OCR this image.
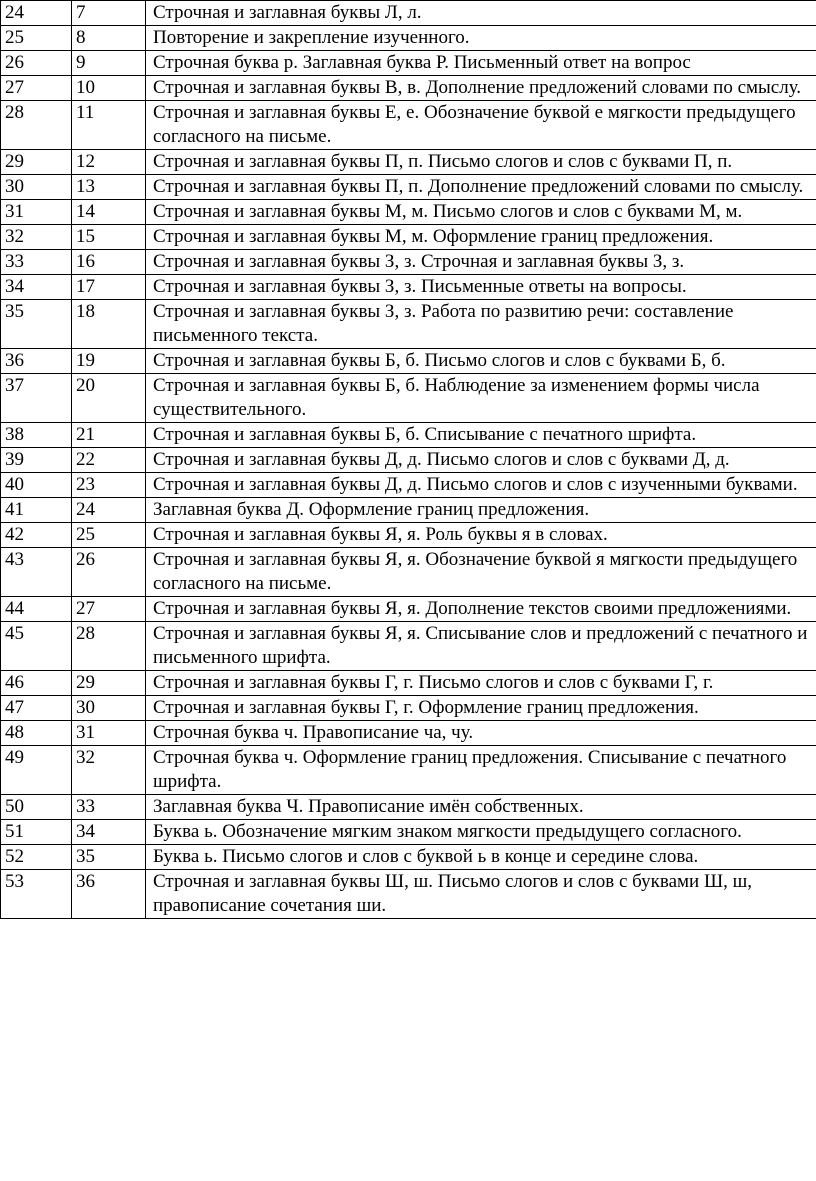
24	7	Строчная и заглавная буквы Л, л.
25	8	Повторение и закрепление изученного.
26	9	Строчная буква р. Заглавная буква Р. Письменный ответ на вопрос
27	10	Строчная и заглавная буквы В, в. Дополнение предложений словами по смыслу.
28	11	Строчная и заглавная буквы Е, е. Обозначение буквой е мягкости предыдущего согласного на письме.
29	12	Строчная и заглавная буквы П, п. Письмо слогов и слов с буквами П, п.
30	13	Строчная и заглавная буквы П, п. Дополнение предложений словами по смыслу.
31	14	Строчная и заглавная буквы М, м. Письмо слогов и слов с буквами М, м.
32	15	Строчная и заглавная буквы М, м. Оформление границ предложения.
33	16	Строчная и заглавная буквы З, з. Строчная и заглавная буквы З, з.
34	17	Строчная и заглавная буквы З, з. Письменные ответы на вопросы.
35	18	Строчная и заглавная буквы З, з. Работа по развитию речи: составление письменного текста.
36	19	Строчная и заглавная буквы Б, б. Письмо слогов и слов с буквами Б, б.
37	20	Строчная и заглавная буквы Б, б. Наблюдение за изменением формы числа существительного.
38	21	Строчная и заглавная буквы Б, б. Списывание с печатного шрифта.
39	22	Строчная и заглавная буквы Д, д. Письмо слогов и слов с буквами Д, д.
40	23	Строчная и заглавная буквы Д, д. Письмо слогов и слов с изученными буквами.
41	24	Заглавная буква Д. Оформление границ предложения.
42	25	Строчная и заглавная буквы Я, я. Роль буквы я в словах.
43	26	Строчная и заглавная буквы Я, я. Обозначение буквой я мягкости предыдущего согласного на письме.
44	27	Строчная и заглавная буквы Я, я. Дополнение текстов своими предложениями.
45	28	Строчная и заглавная буквы Я, я. Списывание слов и предложений с печатного и письменного шрифта.
46	29	Строчная и заглавная буквы Г, г. Письмо слогов и слов с буквами Г, г.
47	30	Строчная и заглавная буквы Г, г. Оформление границ предложения.
48	31	Строчная буква ч. Правописание ча, чу.
49	32	Строчная буква ч. Оформление границ предложения. Списывание с печатного шрифта.
50	33	Заглавная буква Ч. Правописание имён собственных.
51	34	Буква ь. Обозначение мягким знаком мягкости предыдущего согласного.
52	35	Буква ь. Письмо слогов и слов с буквой ь в конце и середине слова.
53	36	Строчная и заглавная буквы Ш, ш. Письмо слогов и слов с буквами Ш, ш, правописание сочетания ши.
